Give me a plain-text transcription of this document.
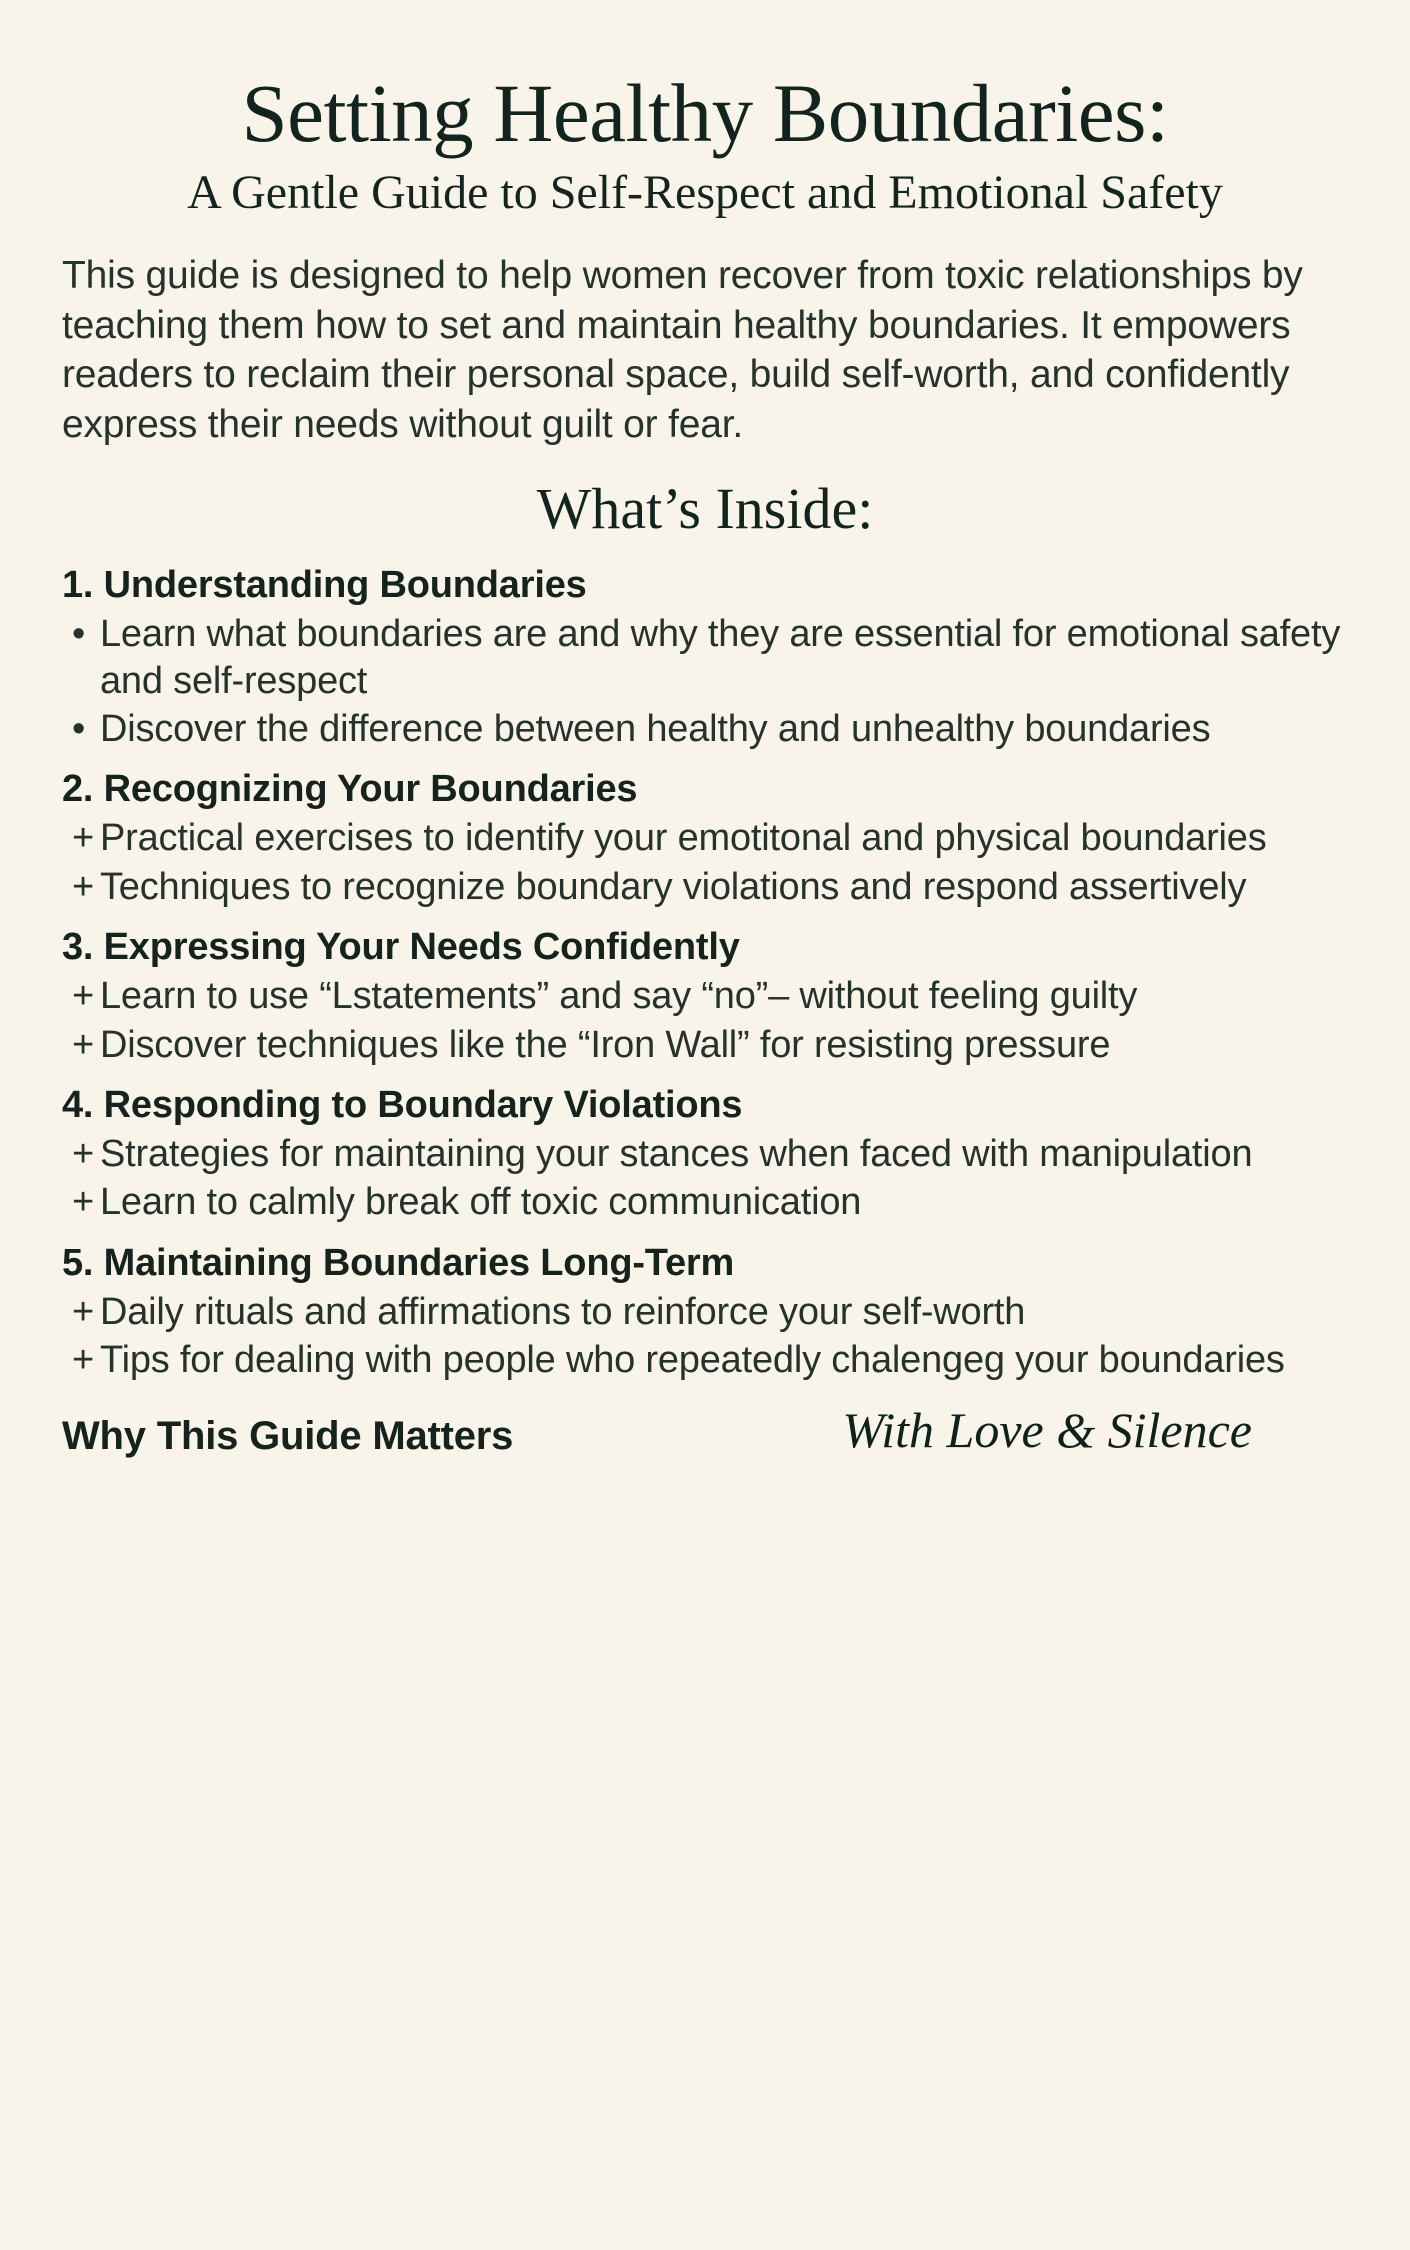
Setting Healthy Boundaries:
A Gentle Guide to Self-Respect and Emotional Safety

This guide is designed to help women recover from toxic relationships by teaching them how to set and maintain healthy boundaries. It empowers readers to reclaim their personal space, build self-worth, and confidently express their needs without guilt or fear.

What’s Inside:
1. Understanding Boundaries
• Learn what boundaries are and why they are essential for emotional safety and self-respect
• Discover the difference between healthy and unhealthy boundaries
2. Recognizing Your Boundaries
+ Practical exercises to identify your emotitonal and physical boundaries
+ Techniques to recognize boundary violations and respond assertively
3. Expressing Your Needs Confidently
+ Learn to use “Lstatements” and say “no”– without feeling guilty
+ Discover techniques like the “Iron Wall” for resisting pressure
4. Responding to Boundary Violations
+ Strategies for maintaining your stances when faced with manipulation
+ Learn to calmly break off toxic communication
5. Maintaining Boundaries Long-Term
+ Daily rituals and affirmations to reinforce your self-worth
+ Tips for dealing with people who repeatedly chalengeg your boundaries
Why This Guide Matters	With Love & Silence
